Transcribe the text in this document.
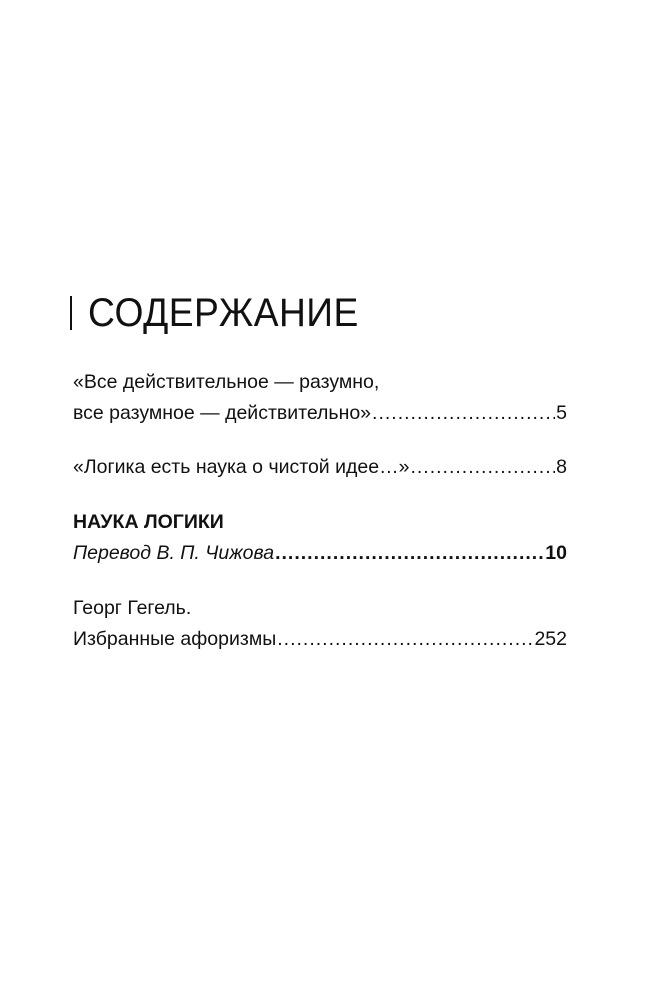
СОДЕРЖАНИЕ
«Все действительное — разумно,
все разумное — действительно» .....	5
«Логика есть наука о чистой идее…» .....	8
НАУКА ЛОГИКИ
Перевод В. П. Чижова .....	10
Георг Гегель.
Избранные афоризмы .....	252
